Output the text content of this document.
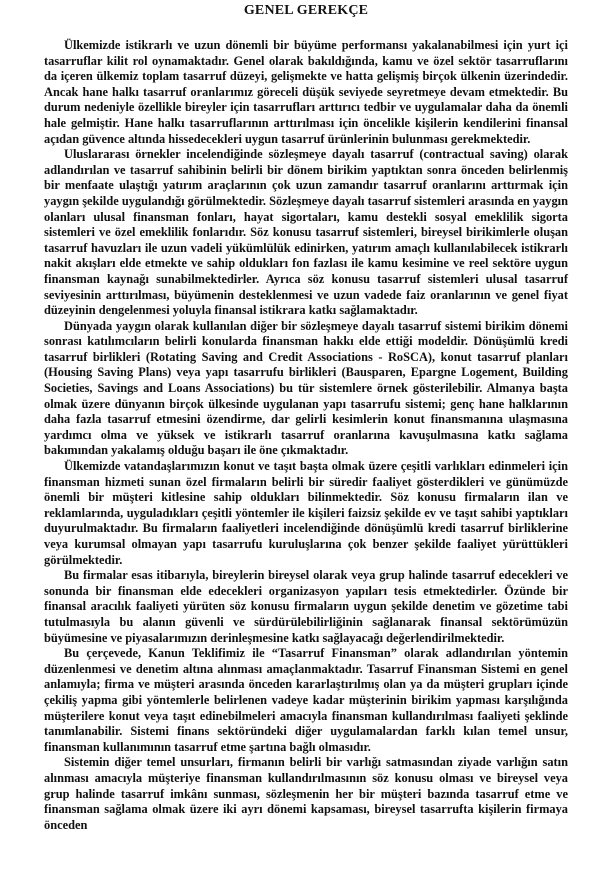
GENEL GEREKÇE

Ülkemizde istikrarlı ve uzun dönemli bir büyüme performansı yakalanabilmesi için yurt içi tasarruflar kilit rol oynamaktadır. Genel olarak bakıldığında, kamu ve özel sektör tasarruflarını da içeren ülkemiz toplam tasarruf düzeyi, gelişmekte ve hatta gelişmiş birçok ülkenin üzerindedir. Ancak hane halkı tasarruf oranlarımız göreceli düşük seviyede seyretmeye devam etmektedir. Bu durum nedeniyle özellikle bireyler için tasarrufları arttırıcı tedbir ve uygulamalar daha da önemli hale gelmiştir. Hane halkı tasarruflarının arttırılması için öncelikle kişilerin kendilerini finansal açıdan güvence altında hissedecekleri uygun tasarruf ürünlerinin bulunması gerekmektedir.

Uluslararası örnekler incelendiğinde sözleşmeye dayalı tasarruf (contractual saving) olarak adlandırılan ve tasarruf sahibinin belirli bir dönem birikim yaptıktan sonra önceden belirlenmiş bir menfaate ulaştığı yatırım araçlarının çok uzun zamandır tasarruf oranlarını arttırmak için yaygın şekilde uygulandığı görülmektedir. Sözleşmeye dayalı tasarruf sistemleri arasında en yaygın olanları ulusal finansman fonları, hayat sigortaları, kamu destekli sosyal emeklilik sigorta sistemleri ve özel emeklilik fonlarıdır. Söz konusu tasarruf sistemleri, bireysel birikimlerle oluşan tasarruf havuzları ile uzun vadeli yükümlülük edinirken, yatırım amaçlı kullanılabilecek istikrarlı nakit akışları elde etmekte ve sahip oldukları fon fazlası ile kamu kesimine ve reel sektöre uygun finansman kaynağı sunabilmektedirler. Ayrıca söz konusu tasarruf sistemleri ulusal tasarruf seviyesinin arttırılması, büyümenin desteklenmesi ve uzun vadede faiz oranlarının ve genel fiyat düzeyinin dengelenmesi yoluyla finansal istikrara katkı sağlamaktadır.

Dünyada yaygın olarak kullanılan diğer bir sözleşmeye dayalı tasarruf sistemi birikim dönemi sonrası katılımcıların belirli konularda finansman hakkı elde ettiği modeldir. Dönüşümlü kredi tasarruf birlikleri (Rotating Saving and Credit Associations - RoSCA), konut tasarruf planları (Housing Saving Plans) veya yapı tasarrufu birlikleri (Bausparen, Epargne Logement, Building Societies, Savings and Loans Associations) bu tür sistemlere örnek gösterilebilir. Almanya başta olmak üzere dünyanın birçok ülkesinde uygulanan yapı tasarrufu sistemi; genç hane halklarının daha fazla tasarruf etmesini özendirme, dar gelirli kesimlerin konut finansmanına ulaşmasına yardımcı olma ve yüksek ve istikrarlı tasarruf oranlarına kavuşulmasına katkı sağlama bakımından yakalamış olduğu başarı ile öne çıkmaktadır.

Ülkemizde vatandaşlarımızın konut ve taşıt başta olmak üzere çeşitli varlıkları edinmeleri için finansman hizmeti sunan özel firmaların belirli bir süredir faaliyet gösterdikleri ve günümüzde önemli bir müşteri kitlesine sahip oldukları bilinmektedir. Söz konusu firmaların ilan ve reklamlarında, uyguladıkları çeşitli yöntemler ile kişileri faizsiz şekilde ev ve taşıt sahibi yaptıkları duyurulmaktadır. Bu firmaların faaliyetleri incelendiğinde dönüşümlü kredi tasarruf birliklerine veya kurumsal olmayan yapı tasarrufu kuruluşlarına çok benzer şekilde faaliyet yürüttükleri görülmektedir.

Bu firmalar esas itibarıyla, bireylerin bireysel olarak veya grup halinde tasarruf edecekleri ve sonunda bir finansman elde edecekleri organizasyon yapıları tesis etmektedirler. Özünde bir finansal aracılık faaliyeti yürüten söz konusu firmaların uygun şekilde denetim ve gözetime tabi tutulmasıyla bu alanın güvenli ve sürdürülebilirliğinin sağlanarak finansal sektörümüzün büyümesine ve piyasalarımızın derinleşmesine katkı sağlayacağı değerlendirilmektedir.

Bu çerçevede, Kanun Teklifimiz ile “Tasarruf Finansman” olarak adlandırılan yöntemin düzenlenmesi ve denetim altına alınması amaçlanmaktadır. Tasarruf Finansman Sistemi en genel anlamıyla; firma ve müşteri arasında önceden kararlaştırılmış olan ya da müşteri grupları içinde çekiliş yapma gibi yöntemlerle belirlenen vadeye kadar müşterinin birikim yapması karşılığında müşterilere konut veya taşıt edinebilmeleri amacıyla finansman kullandırılması faaliyeti şeklinde tanımlanabilir. Sistemi finans sektöründeki diğer uygulamalardan farklı kılan temel unsur, finansman kullanımının tasarruf etme şartına bağlı olmasıdır.

Sistemin diğer temel unsurları, firmanın belirli bir varlığı satmasından ziyade varlığın satın alınması amacıyla müşteriye finansman kullandırılmasının söz konusu olması ve bireysel veya grup halinde tasarruf imkânı sunması, sözleşmenin her bir müşteri bazında tasarruf etme ve finansman sağlama olmak üzere iki ayrı dönemi kapsaması, bireysel tasarrufta kişilerin firmaya önceden
